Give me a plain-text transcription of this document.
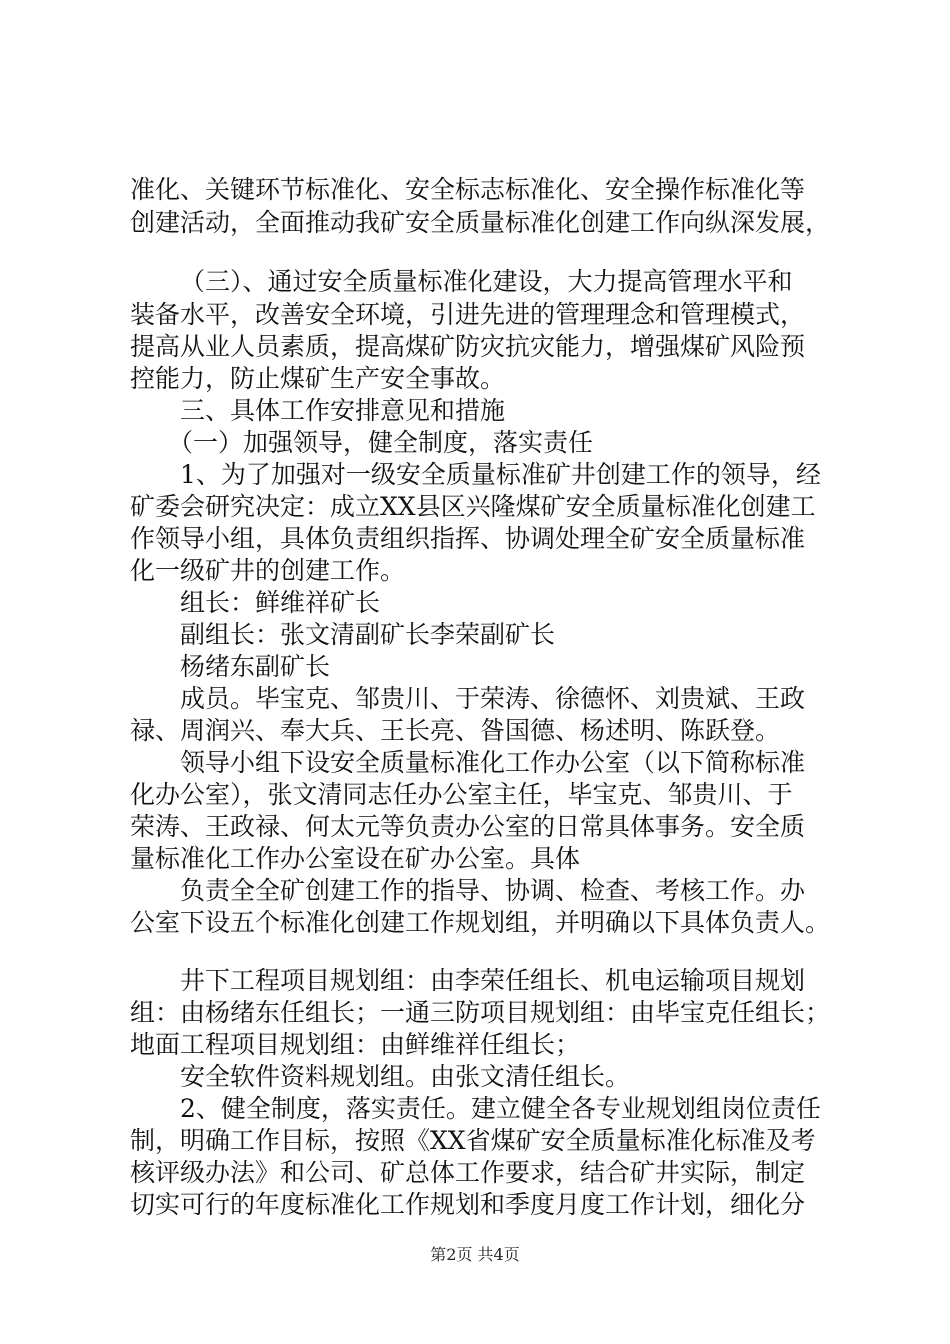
准化、关键环节标准化、安全标志标准化、安全操作标准化等

创建活动，全面推动我矿安全质量标准化创建工作向纵深发展，

（三）、通过安全质量标准化建设，大力提高管理水平和

装备水平，改善安全环境，引进先进的管理理念和管理模式，

提高从业人员素质，提高煤矿防灾抗灾能力，增强煤矿风险预

控能力，防止煤矿生产安全事故。

三、具体工作安排意见和措施

（一）加强领导，健全制度，落实责任

1、为了加强对一级安全质量标准矿井创建工作的领导，经

矿委会研究决定：成立XX县区兴隆煤矿安全质量标准化创建工

作领导小组，具体负责组织指挥、协调处理全矿安全质量标准

化一级矿井的创建工作。

组长：鲜维祥矿长

副组长：张文清副矿长李荣副矿长

杨绪东副矿长

成员。毕宝克、邹贵川、于荣涛、徐德怀、刘贵斌、王政

禄、周润兴、奉大兵、王长亮、昝国德、杨述明、陈跃登。

领导小组下设安全质量标准化工作办公室（以下简称标准

化办公室），张文清同志任办公室主任，毕宝克、邹贵川、于

荣涛、王政禄、何太元等负责办公室的日常具体事务。安全质

量标准化工作办公室设在矿办公室。具体

负责全全矿创建工作的指导、协调、检查、考核工作。办

公室下设五个标准化创建工作规划组，并明确以下具体负责人。

井下工程项目规划组：由李荣任组长、机电运输项目规划

组：由杨绪东任组长；一通三防项目规划组：由毕宝克任组长；

地面工程项目规划组：由鲜维祥任组长；

安全软件资料规划组。由张文清任组长。

2、健全制度，落实责任。建立健全各专业规划组岗位责任

制，明确工作目标，按照《XX省煤矿安全质量标准化标准及考

核评级办法》和公司、矿总体工作要求，结合矿井实际，制定

切实可行的年度标准化工作规划和季度月度工作计划，细化分

第2页 共4页
